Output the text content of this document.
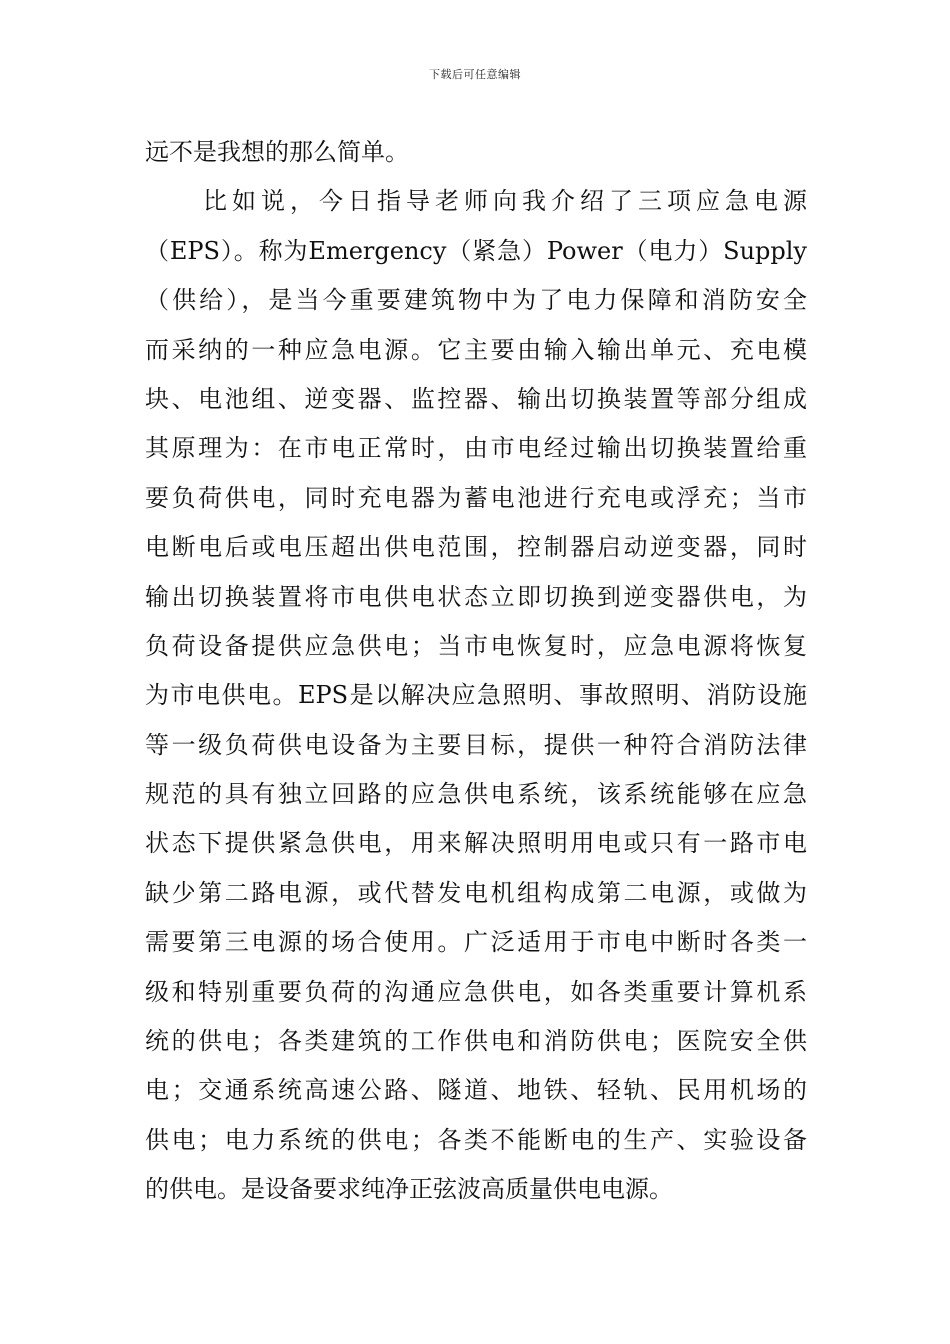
下载后可任意编辑
远不是我想的那么简单。
比如说，今日指导老师向我介绍了三项应急电源
（EPS）。称为Emergency（紧急）Power（电力）Supply
（供给），是当今重要建筑物中为了电力保障和消防安全
而采纳的一种应急电源。它主要由输入输出单元、充电模
块、电池组、逆变器、监控器、输出切换装置等部分组成
其原理为：在市电正常时，由市电经过输出切换装置给重
要负荷供电，同时充电器为蓄电池进行充电或浮充；当市
电断电后或电压超出供电范围，控制器启动逆变器，同时
输出切换装置将市电供电状态立即切换到逆变器供电，为
负荷设备提供应急供电；当市电恢复时，应急电源将恢复
为市电供电。EPS是以解决应急照明、事故照明、消防设施
等一级负荷供电设备为主要目标，提供一种符合消防法律
规范的具有独立回路的应急供电系统，该系统能够在应急
状态下提供紧急供电，用来解决照明用电或只有一路市电
缺少第二路电源，或代替发电机组构成第二电源，或做为
需要第三电源的场合使用。广泛适用于市电中断时各类一
级和特别重要负荷的沟通应急供电，如各类重要计算机系
统的供电；各类建筑的工作供电和消防供电；医院安全供
电；交通系统高速公路、隧道、地铁、轻轨、民用机场的
供电；电力系统的供电；各类不能断电的生产、实验设备
的供电。是设备要求纯净正弦波高质量供电电源。
